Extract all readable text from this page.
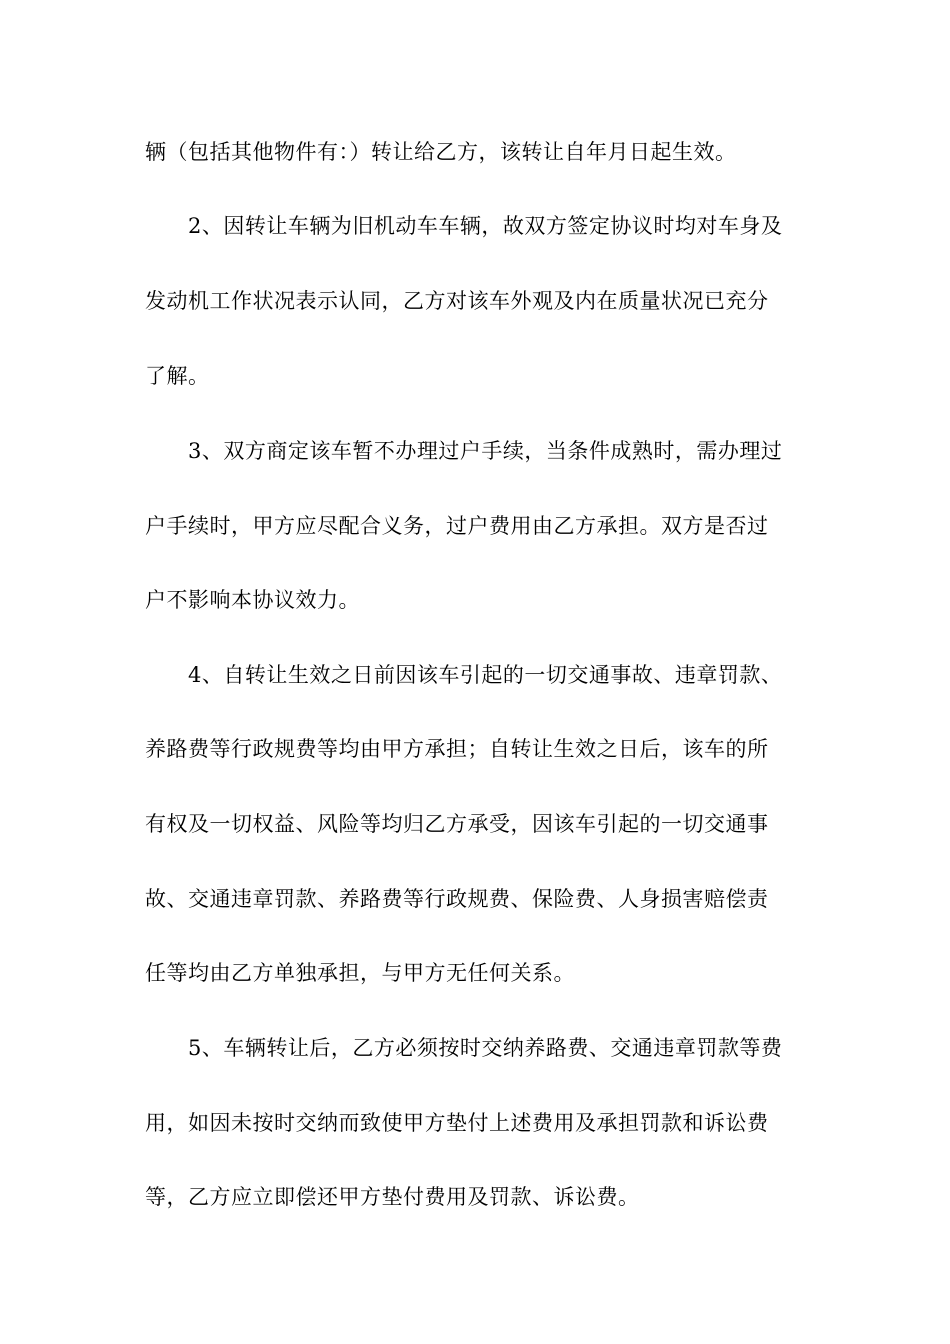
辆（包括其他物件有：）转让给乙方，该转让自年月日起生效。
2、因转让车辆为旧机动车车辆，故双方签定协议时均对车身及
发动机工作状况表示认同，乙方对该车外观及内在质量状况已充分
了解。
3、双方商定该车暂不办理过户手续，当条件成熟时，需办理过
户手续时，甲方应尽配合义务，过户费用由乙方承担。双方是否过
户不影响本协议效力。
4、自转让生效之日前因该车引起的一切交通事故、违章罚款、
养路费等行政规费等均由甲方承担；自转让生效之日后，该车的所
有权及一切权益、风险等均归乙方承受，因该车引起的一切交通事
故、交通违章罚款、养路费等行政规费、保险费、人身损害赔偿责
任等均由乙方单独承担，与甲方无任何关系。
5、车辆转让后，乙方必须按时交纳养路费、交通违章罚款等费
用，如因未按时交纳而致使甲方垫付上述费用及承担罚款和诉讼费
等，乙方应立即偿还甲方垫付费用及罚款、诉讼费。
